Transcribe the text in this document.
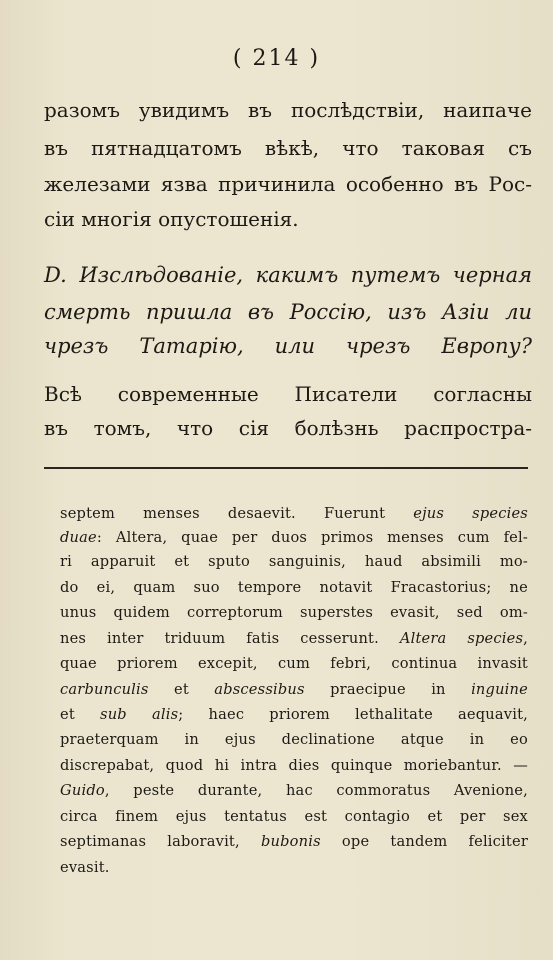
( 214 )
разомъ увидимъ въ послѣдствіи, наипаче
въ пятнадцатомъ вѣкѣ, что таковая съ
железами язва причинила особенно въ Рос-
сіи многія опустошенія.
D. Изслѣдованіе, какимъ путемъ черная
смерть пришла въ Россію, изъ Азіи ли
чрезъ Татарію, или чрезъ Европу?
Всѣ современные Писатели согласны
въ томъ, что сія болѣзнь распростра-
septem menses desaevit. Fuerunt ejus species
duae: Altera, quae per duos primos menses cum fel-
ri apparuit et sputo sanguinis, haud absimili mo-
do ei, quam suo tempore notavit Fracastorius; ne
unus quidem correptorum superstes evasit, sed om-
nes inter triduum fatis cesserunt. Altera species,
quae priorem excepit, cum febri, continua invasit
carbunculis et abscessibus praecipue in inguine
et sub alis; haec priorem lethalitate aequavit,
praeterquam in ejus declinatione atque in eo
discrepabat, quod hi intra dies quinque moriebantur. —
Guido, peste durante, hac commoratus Avenione,
circa finem ejus tentatus est contagio et per sex
septimanas laboravit, bubonis ope tandem feliciter
evasit.
